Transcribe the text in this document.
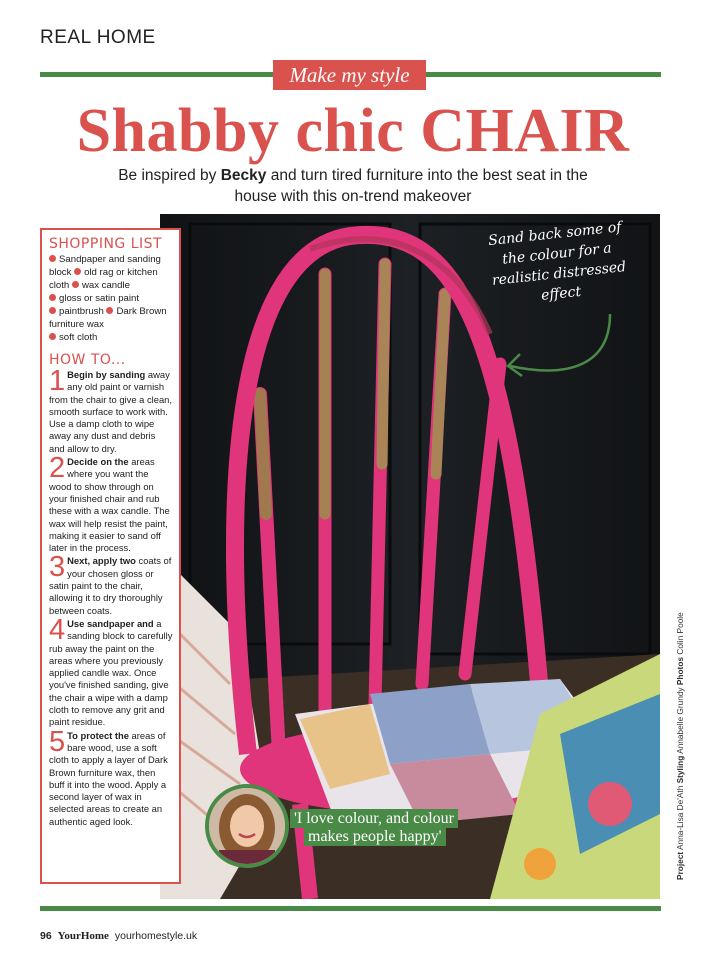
REAL HOME
Make my style
Shabby chic CHAIR

Be inspired by Becky and turn tired furniture into the best seat in the house with this on-trend makeover

Sand back some of the colour for a realistic distressed effect
SHOPPING LIST
Sandpaper and sanding block old rag or kitchen cloth wax candle
gloss or satin paint
paintbrush Dark Brown furniture wax
soft cloth
HOW TO...
1 Begin by sanding away any old paint or varnish from the chair to give a clean, smooth surface to work with. Use a damp cloth to wipe away any dust and debris and allow to dry.
2 Decide on the areas where you want the wood to show through on your finished chair and rub these with a wax candle. The wax will help resist the paint, making it easier to sand off later in the process.
3 Next, apply two coats of your chosen gloss or satin paint to the chair, allowing it to dry thoroughly between coats.
4 Use sandpaper and a sanding block to carefully rub away the paint on the areas where you previously applied candle wax. Once you've finished sanding, give the chair a wipe with a damp cloth to remove any grit and paint residue.
5 To protect the areas of bare wood, use a soft cloth to apply a layer of Dark Brown furniture wax, then buff it into the wood. Apply a second layer of wax in selected areas to create an authentic aged look.	'I love colour, and colour
makes people happy'
Project Anna-Lisa De'Ath Styling Annabelle Grundy Photos Colin Poole
96 YourHome yourhomestyle.uk
